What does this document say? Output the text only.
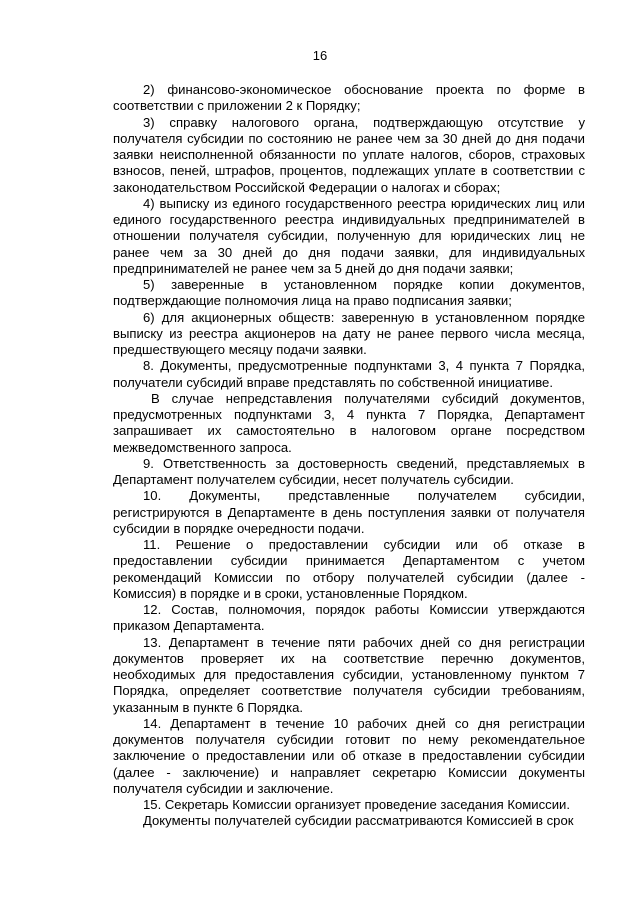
16

2) финансово-экономическое обоснование проекта по форме в соответствии с приложении 2 к Порядку;

3) справку налогового органа, подтверждающую отсутствие у получателя субсидии по состоянию не ранее чем за 30 дней до дня подачи заявки неисполненной обязанности по уплате налогов, сборов, страховых взносов, пеней, штрафов, процентов, подлежащих уплате в соответствии с законодательством Российской Федерации о налогах и сборах;

4) выписку из единого государственного реестра юридических лиц или единого государственного реестра индивидуальных предпринимателей в отношении получателя субсидии, полученную для юридических лиц не ранее чем за 30 дней до дня подачи заявки, для индивидуальных предпринимателей не ранее чем за 5 дней до дня подачи заявки;

5) заверенные в установленном порядке копии документов, подтверждающие полномочия лица на право подписания заявки;

6) для акционерных обществ: заверенную в установленном порядке выписку из реестра акционеров на дату не ранее первого числа месяца, предшествующего месяцу подачи заявки.

8. Документы, предусмотренные подпунктами 3, 4 пункта 7 Порядка, получатели субсидий вправе представлять по собственной инициативе.

В случае непредставления получателями субсидий документов, предусмотренных подпунктами 3, 4 пункта 7 Порядка, Департамент запрашивает их самостоятельно в налоговом органе посредством межведомственного запроса.

9. Ответственность за достоверность сведений, представляемых в Департамент получателем субсидии, несет получатель субсидии.

10. Документы, представленные получателем субсидии, регистрируются в Департаменте в день поступления заявки от получателя субсидии в порядке очередности подачи.

11. Решение о предоставлении субсидии или об отказе в предоставлении субсидии принимается Департаментом с учетом рекомендаций Комиссии по отбору получателей субсидии (далее - Комиссия) в порядке и в сроки, установленные Порядком.

12. Состав, полномочия, порядок работы Комиссии утверждаются приказом Департамента.

13. Департамент в течение пяти рабочих дней со дня регистрации документов проверяет их на соответствие перечню документов, необходимых для предоставления субсидии, установленному пунктом 7 Порядка, определяет соответствие получателя субсидии требованиям, указанным в пункте 6 Порядка.

14. Департамент в течение 10 рабочих дней со дня регистрации документов получателя субсидии готовит по нему рекомендательное заключение о предоставлении или об отказе в предоставлении субсидии (далее - заключение) и направляет секретарю Комиссии документы получателя субсидии и заключение.

15. Секретарь Комиссии организует проведение заседания Комиссии.

Документы получателей субсидии рассматриваются Комиссией в срок
